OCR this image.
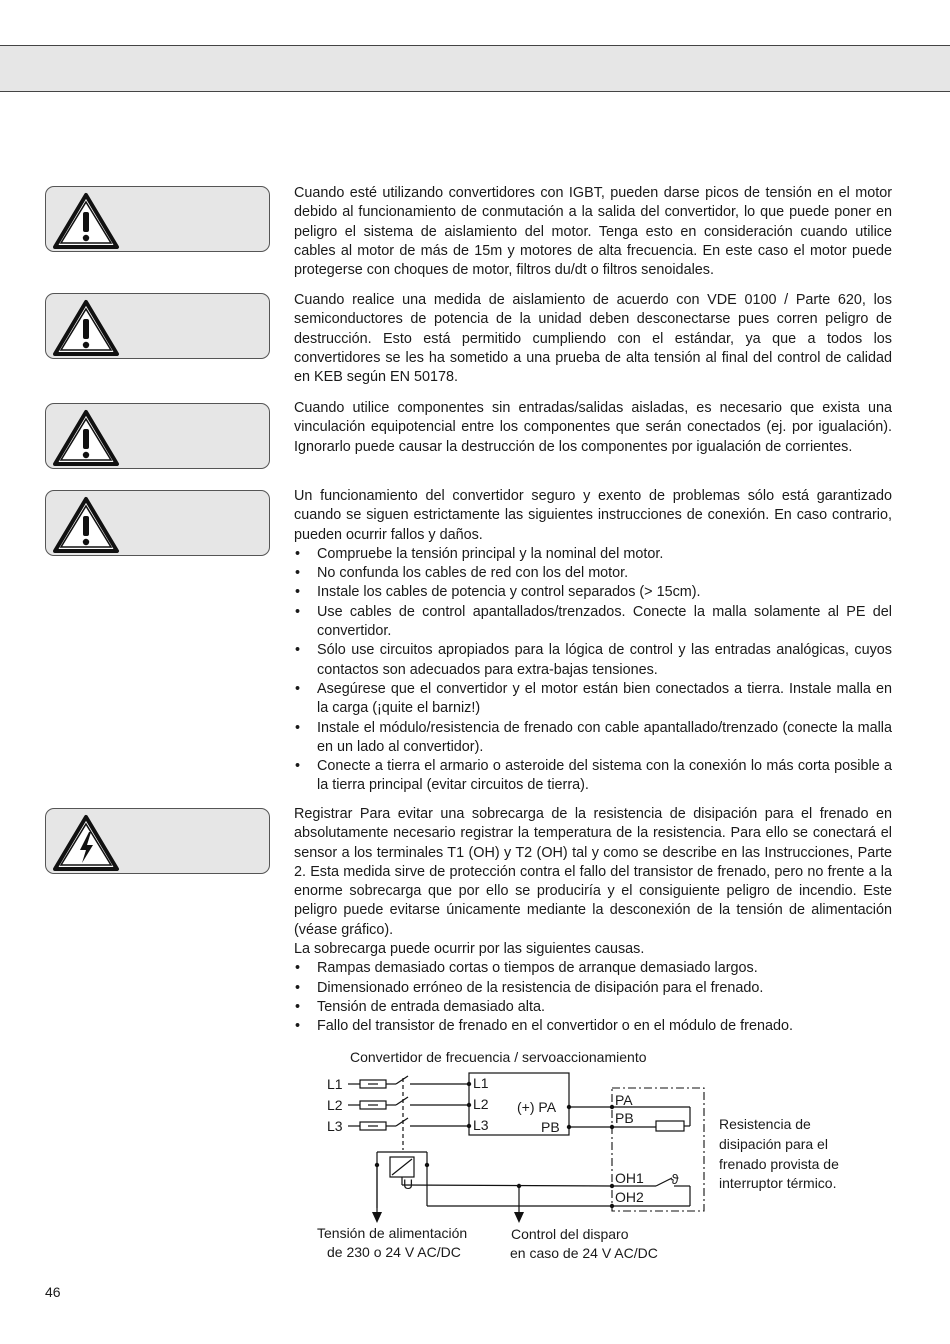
Cuando esté utilizando convertidores con IGBT, pueden darse picos de tensión en el motor debido al funcionamiento de conmutación a la salida del convertidor, lo que puede poner en peligro el sistema de aislamiento del motor. Tenga esto en consideración cuando utilice cables al motor de más de 15m y motores de alta frecuencia. En este caso el motor puede protegerse con choques de motor, filtros du/dt o filtros senoidales.

Cuando realice una medida de aislamiento de acuerdo con VDE 0100 / Parte 620, los semiconductores de potencia de la unidad deben desconectarse pues corren peligro de destrucción. Esto está permitido cumpliendo con el estándar, ya que a todos los convertidores se les ha sometido a una prueba de alta tensión al final del control de calidad en KEB según EN 50178.

Cuando utilice componentes sin entradas/salidas aisladas, es necesario que exista una vinculación equipotencial entre los componentes que serán conectados (ej. por igualación). Ignorarlo puede causar la destrucción de los componentes por igualación de corrientes.

Un funcionamiento del convertidor seguro y exento de problemas sólo está garantizado cuando se siguen estrictamente las siguientes instrucciones de conexión. En caso contrario, pueden ocurrir fallos y daños.

• Compruebe la tensión principal y la nominal del motor.

• No confunda los cables de red con los del motor.

• Instale los cables de potencia y control separados (> 15cm).

• Use cables de control apantallados/trenzados. Conecte la malla solamente al PE del convertidor.

• Sólo use circuitos apropiados para la lógica de control y las entradas analógicas, cuyos contactos son adecuados para extra-bajas tensiones.

• Asegúrese que el convertidor y el motor están bien conectados a tierra. Instale malla en la carga (¡quite el barniz!)

• Instale el módulo/resistencia de frenado con cable apantallado/trenzado (conecte la malla en un lado al convertidor).

• Conecte a tierra el armario o asteroide del sistema con la conexión lo más corta posible a la tierra principal (evitar circuitos de tierra).

Registrar Para evitar una sobrecarga de la resistencia de disipación para el frenado en absolutamente necesario registrar la temperatura de la resistencia. Para ello se conectará el sensor a los terminales T1 (OH) y T2 (OH) tal y como se describe en las Instrucciones, Parte 2. Esta medida sirve de protección contra el fallo del transistor de frenado, pero no frente a la enorme sobrecarga que por ello se produciría y el consiguiente peligro de incendio. Este peligro puede evitarse únicamente mediante la desconexión de la tensión de alimentación (véase gráfico).

La sobrecarga puede ocurrir por las siguientes causas.

• Rampas demasiado cortas o tiempos de arranque demasiado largos.

• Dimensionado erróneo de la resistencia de disipación para el frenado.

• Tensión de entrada demasiado alta.

• Fallo del transistor de frenado en el convertidor o en el módulo de frenado.

Convertidor de frecuencia / servoaccionamiento
L1
L2
L3
L1
L2
L3
(+) PA
PB
PA
PB
OH1
OH2
ϑ
U
Resistencia de
disipación para el
frenado provista de
interruptor térmico.
Tensión de alimentación
de 230 o 24 V AC/DC
Control del disparo
en caso de 24 V AC/DC
46
